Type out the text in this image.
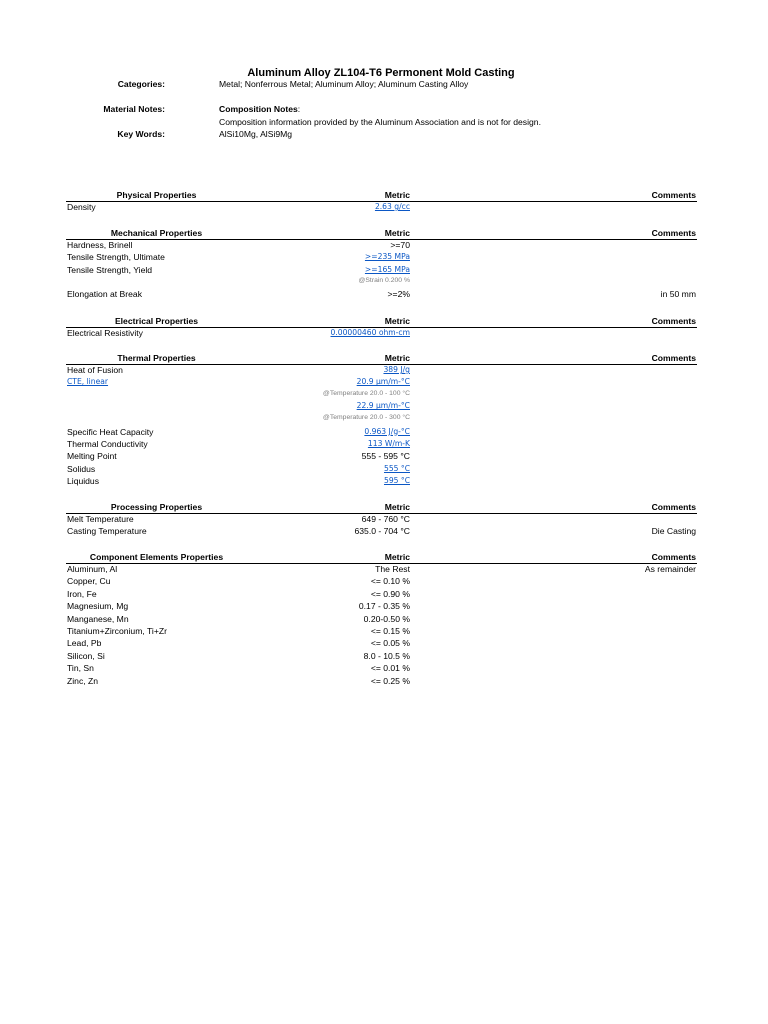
Aluminum Alloy ZL104-T6 Permonent Mold Casting
Categories:	Metal; Nonferrous Metal; Aluminum Alloy; Aluminum Casting Alloy
Material Notes:	Composition Notes:
Composition information provided by the Aluminum Association and is not for design.
Key Words:	AlSi10Mg, AlSi9Mg
Physical Properties	Metric	Comments
Density	2.63 g/cc
Mechanical Properties	Metric	Comments
Hardness, Brinell	>=70
Tensile Strength, Ultimate	>=235 MPa
Tensile Strength, Yield	>=165 MPa
@Strain 0.200 %
Elongation at Break	>=2%	in 50 mm
Electrical Properties	Metric	Comments
Electrical Resistivity	0.00000460 ohm-cm
Thermal Properties	Metric	Comments
Heat of Fusion	389 J/g
CTE, linear	20.9 µm/m-°C
@Temperature 20.0 - 100 °C
22.9 µm/m-°C
@Temperature 20.0 - 300 °C
Specific Heat Capacity	0.963 J/g-°C
Thermal Conductivity	113 W/m-K
Melting Point	555 - 595 °C
Solidus	555 °C
Liquidus	595 °C
Processing Properties	Metric	Comments
Melt Temperature	649 - 760 °C
Casting Temperature	635.0 - 704 °C	Die Casting
Component Elements Properties	Metric	Comments
Aluminum, Al	The Rest	As remainder
Copper, Cu	<= 0.10 %
Iron, Fe	<= 0.90 %
Magnesium, Mg	0.17 - 0.35 %
Manganese, Mn	0.20-0.50 %
Titanium+Zirconium, Ti+Zr	<= 0.15 %
Lead, Pb	<= 0.05 %
Silicon, Si	8.0 - 10.5 %
Tin, Sn	<= 0.01 %
Zinc, Zn	<= 0.25 %
